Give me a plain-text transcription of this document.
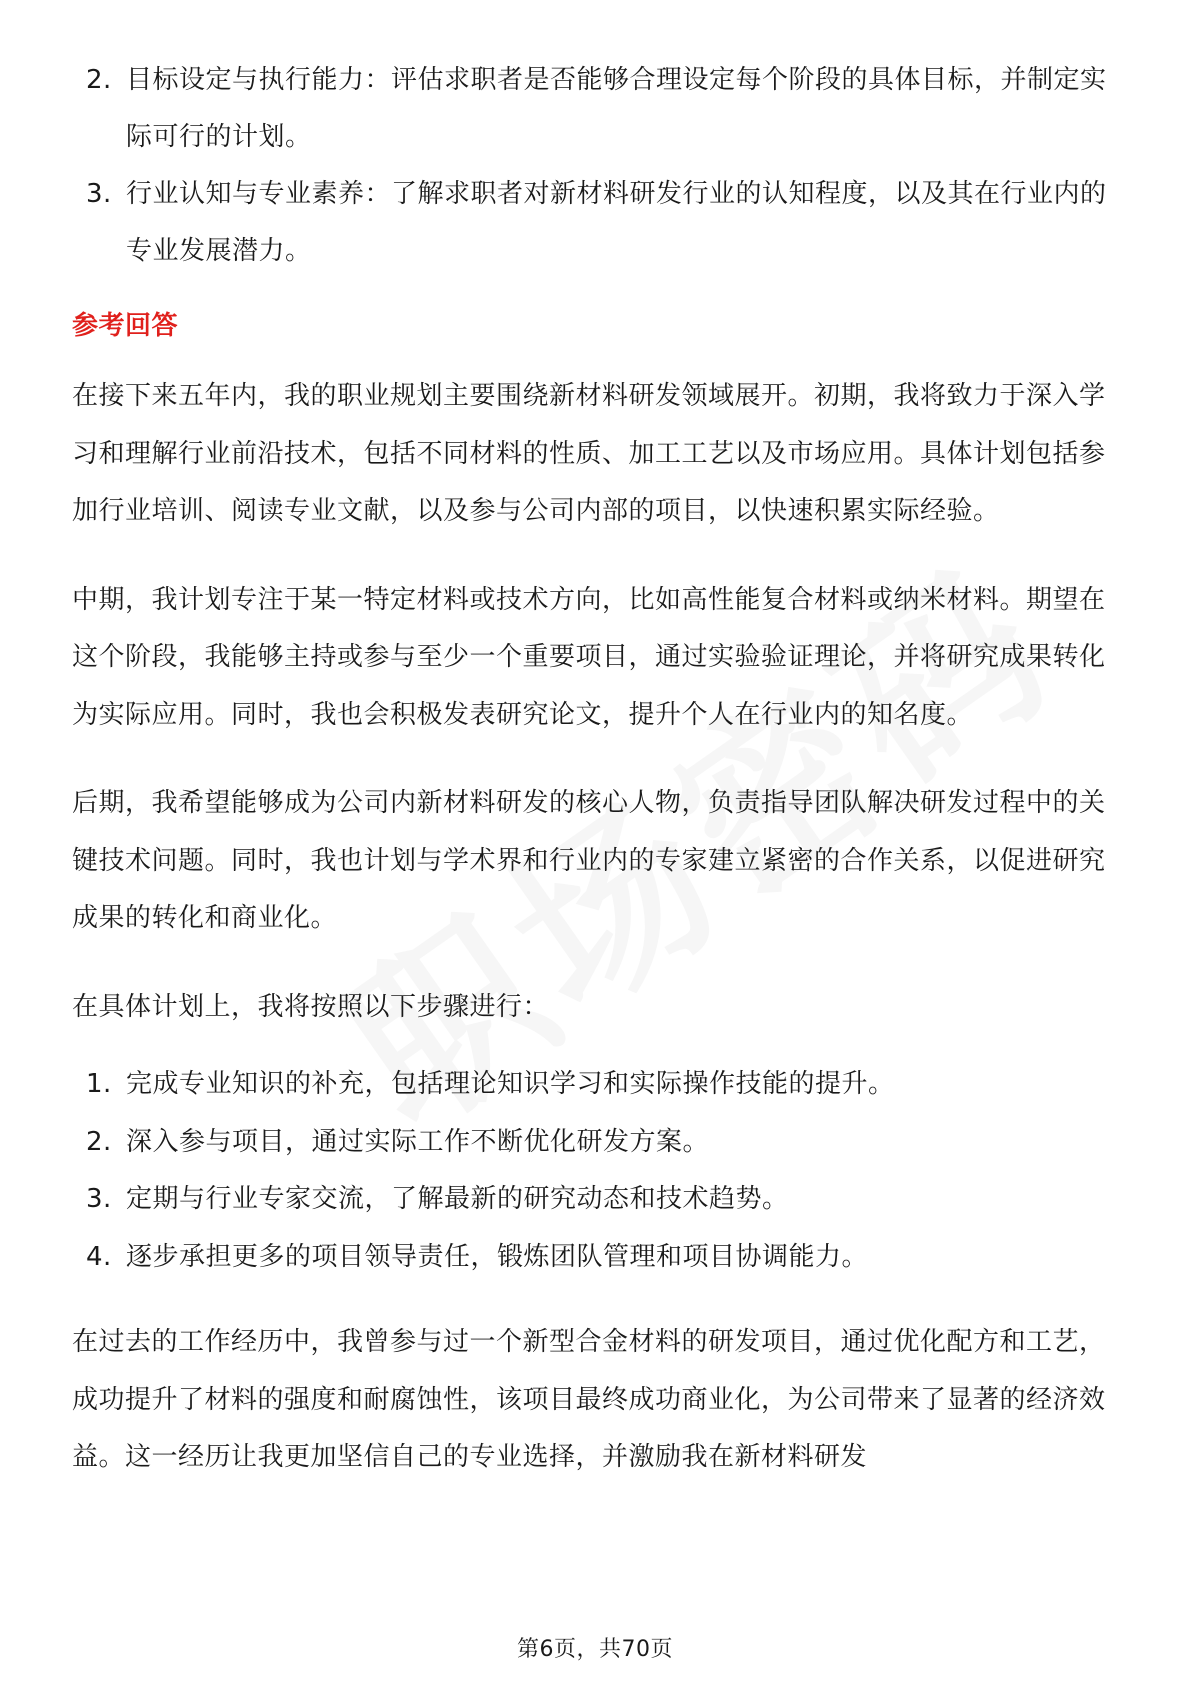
2. 目标设定与执行能力：评估求职者是否能够合理设定每个阶段的具体目标，并制定实际可行的计划。
3. 行业认知与专业素养：了解求职者对新材料研发行业的认知程度，以及其在行业内的专业发展潜力。
参考回答

在接下来五年内，我的职业规划主要围绕新材料研发领域展开。初期，我将致力于深入学习和理解行业前沿技术，包括不同材料的性质、加工工艺以及市场应用。具体计划包括参加行业培训、阅读专业文献，以及参与公司内部的项目，以快速积累实际经验。

中期，我计划专注于某一特定材料或技术方向，比如高性能复合材料或纳米材料。期望在这个阶段，我能够主持或参与至少一个重要项目，通过实验验证理论，并将研究成果转化为实际应用。同时，我也会积极发表研究论文，提升个人在行业内的知名度。

后期，我希望能够成为公司内新材料研发的核心人物，负责指导团队解决研发过程中的关键技术问题。同时，我也计划与学术界和行业内的专家建立紧密的合作关系，以促进研究成果的转化和商业化。

在具体计划上，我将按照以下步骤进行：

1. 完成专业知识的补充，包括理论知识学习和实际操作技能的提升。
2. 深入参与项目，通过实际工作不断优化研发方案。
3. 定期与行业专家交流，了解最新的研究动态和技术趋势。
4. 逐步承担更多的项目领导责任，锻炼团队管理和项目协调能力。

在过去的工作经历中，我曾参与过一个新型合金材料的研发项目，通过优化配方和工艺，成功提升了材料的强度和耐腐蚀性，该项目最终成功商业化，为公司带来了显著的经济效益。这一经历让我更加坚信自己的专业选择，并激励我在新材料研发

第6页，共70页
